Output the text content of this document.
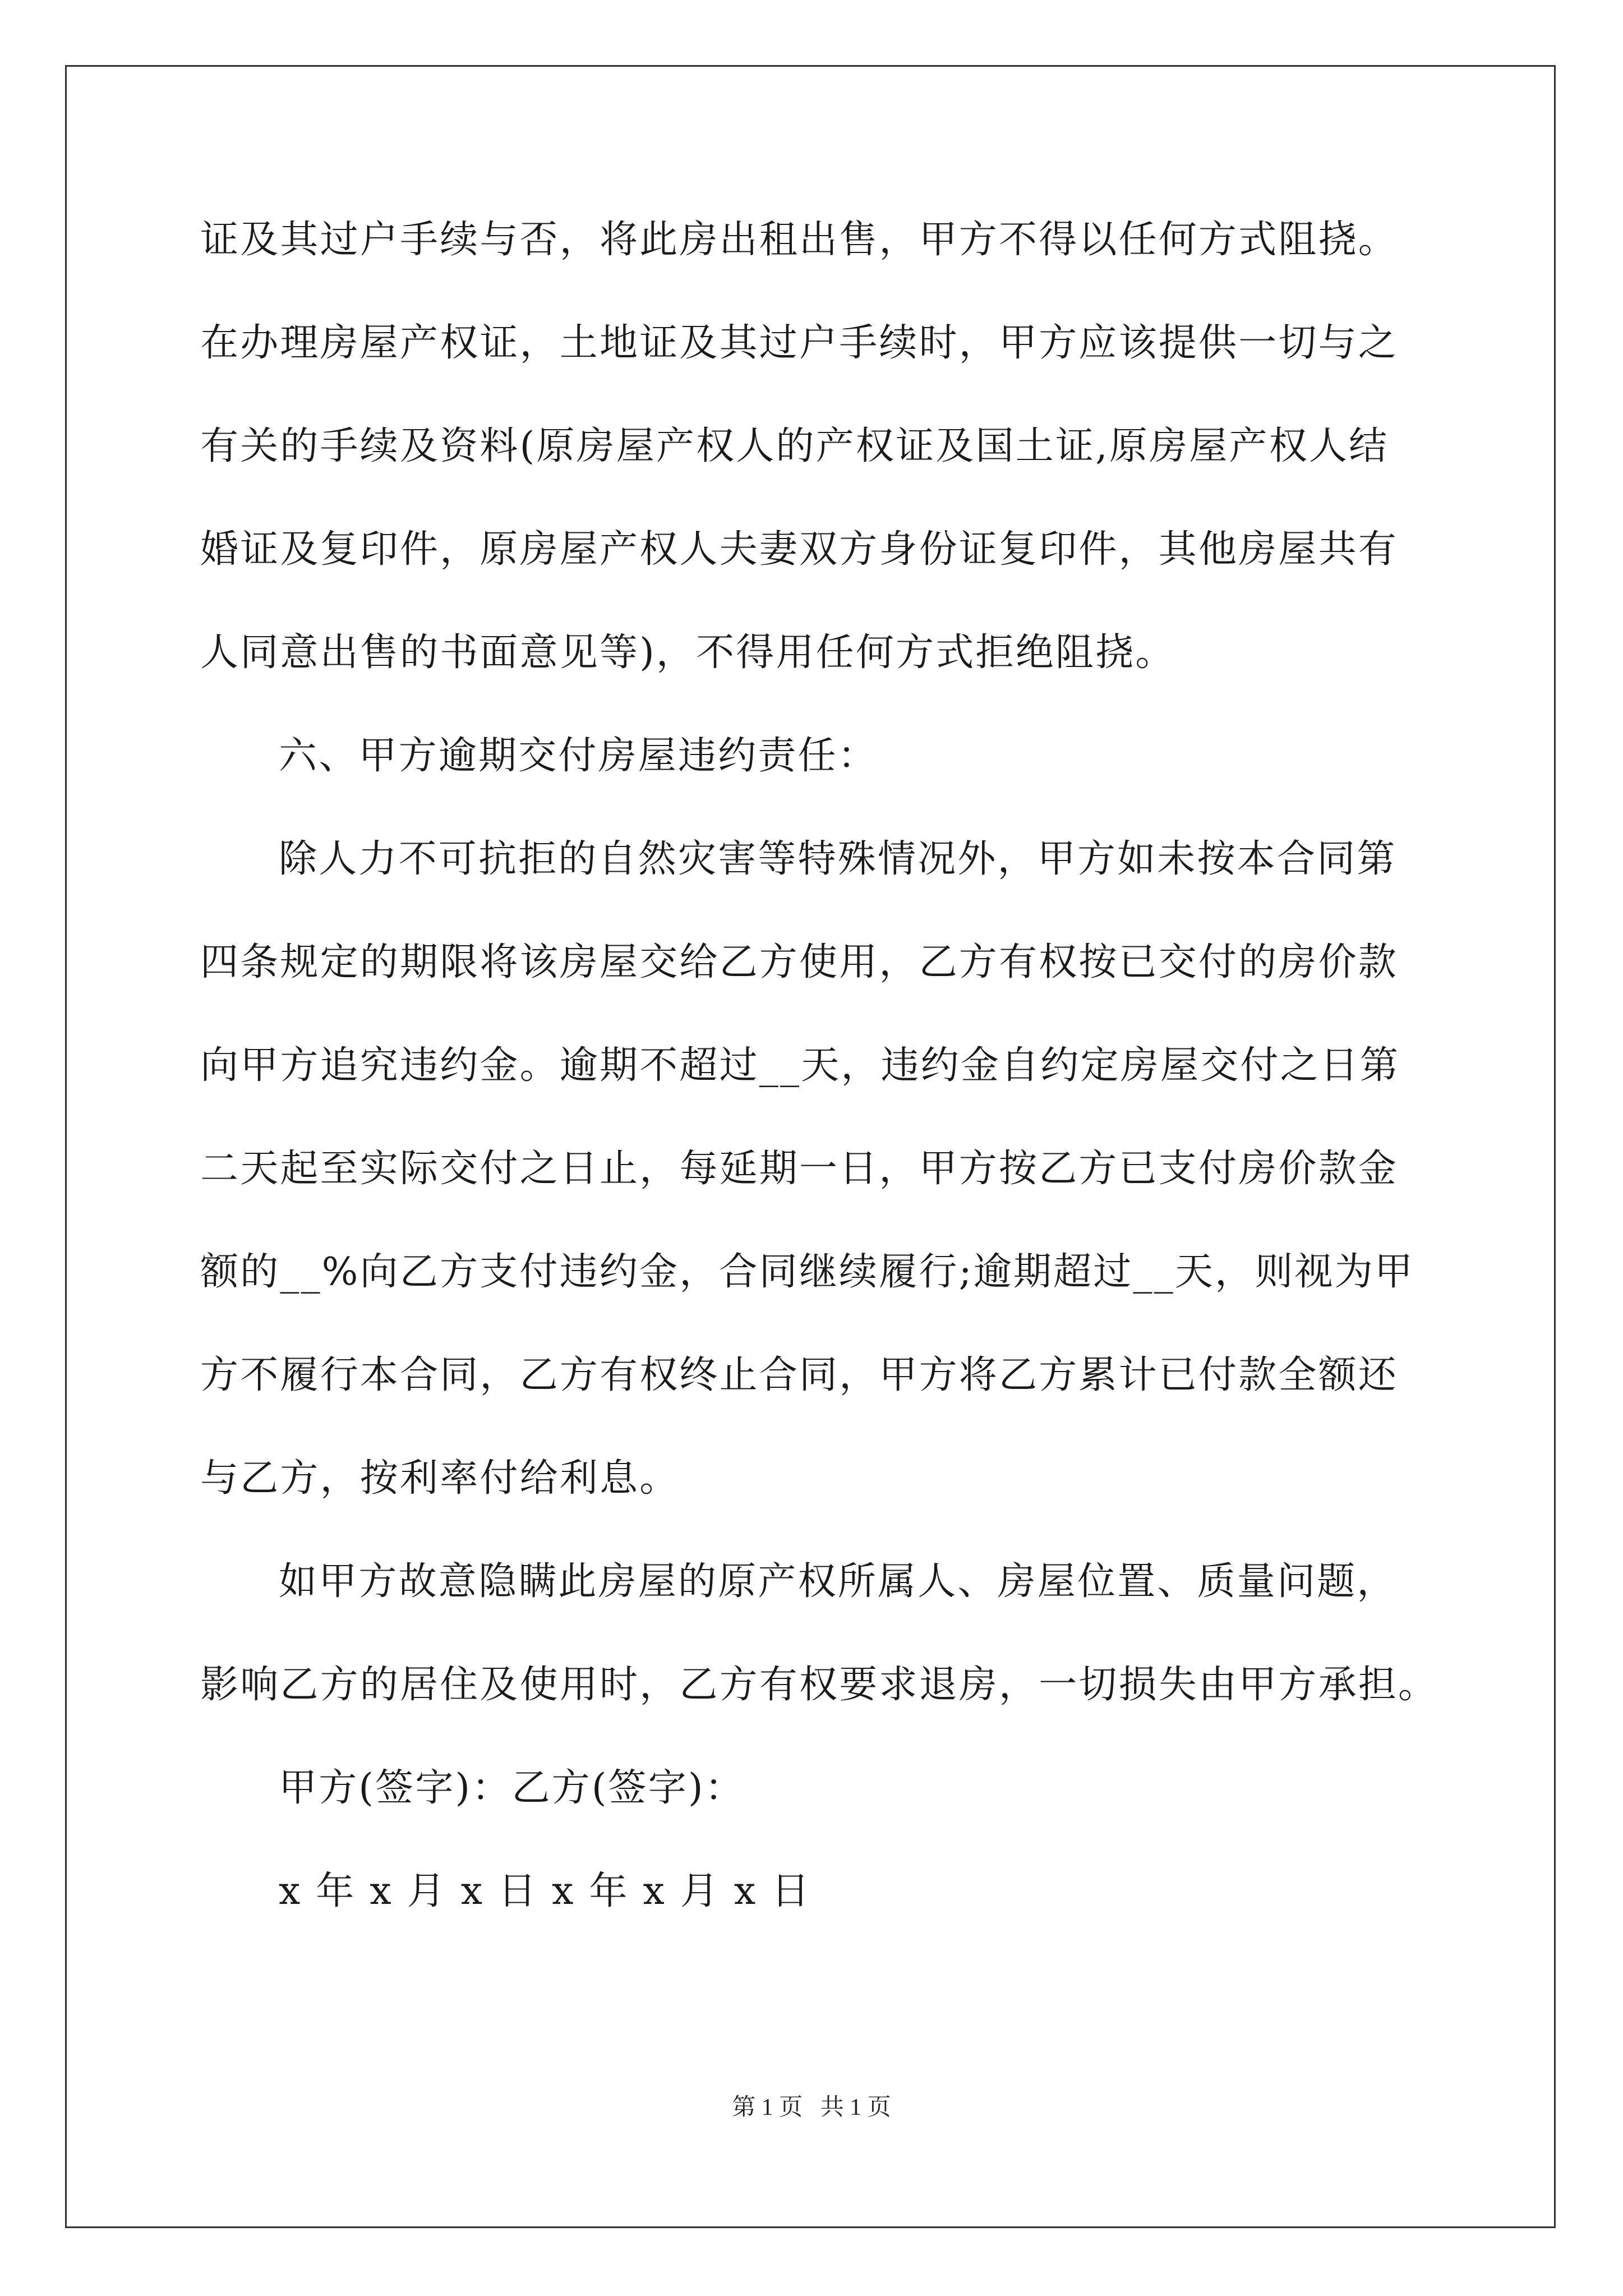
证及其过户手续与否，将此房出租出售，甲方不得以任何方式阻挠。
在办理房屋产权证，土地证及其过户手续时，甲方应该提供一切与之
有关的手续及资料(原房屋产权人的产权证及国土证,原房屋产权人结
婚证及复印件，原房屋产权人夫妻双方身份证复印件，其他房屋共有
人同意出售的书面意见等)，不得用任何方式拒绝阻挠。
六、甲方逾期交付房屋违约责任：
除人力不可抗拒的自然灾害等特殊情况外，甲方如未按本合同第
四条规定的期限将该房屋交给乙方使用，乙方有权按已交付的房价款
向甲方追究违约金。逾期不超过__天，违约金自约定房屋交付之日第
二天起至实际交付之日止，每延期一日，甲方按乙方已支付房价款金
额的__%向乙方支付违约金，合同继续履行;逾期超过__天，则视为甲
方不履行本合同，乙方有权终止合同，甲方将乙方累计已付款全额还
与乙方，按利率付给利息。
如甲方故意隐瞒此房屋的原产权所属人、房屋位置、质量问题，
影响乙方的居住及使用时，乙方有权要求退房，一切损失由甲方承担。
甲方(签字)：乙方(签字)：
x 年 x 月 x 日 x 年 x 月 x 日
第 1 页   共 1 页
